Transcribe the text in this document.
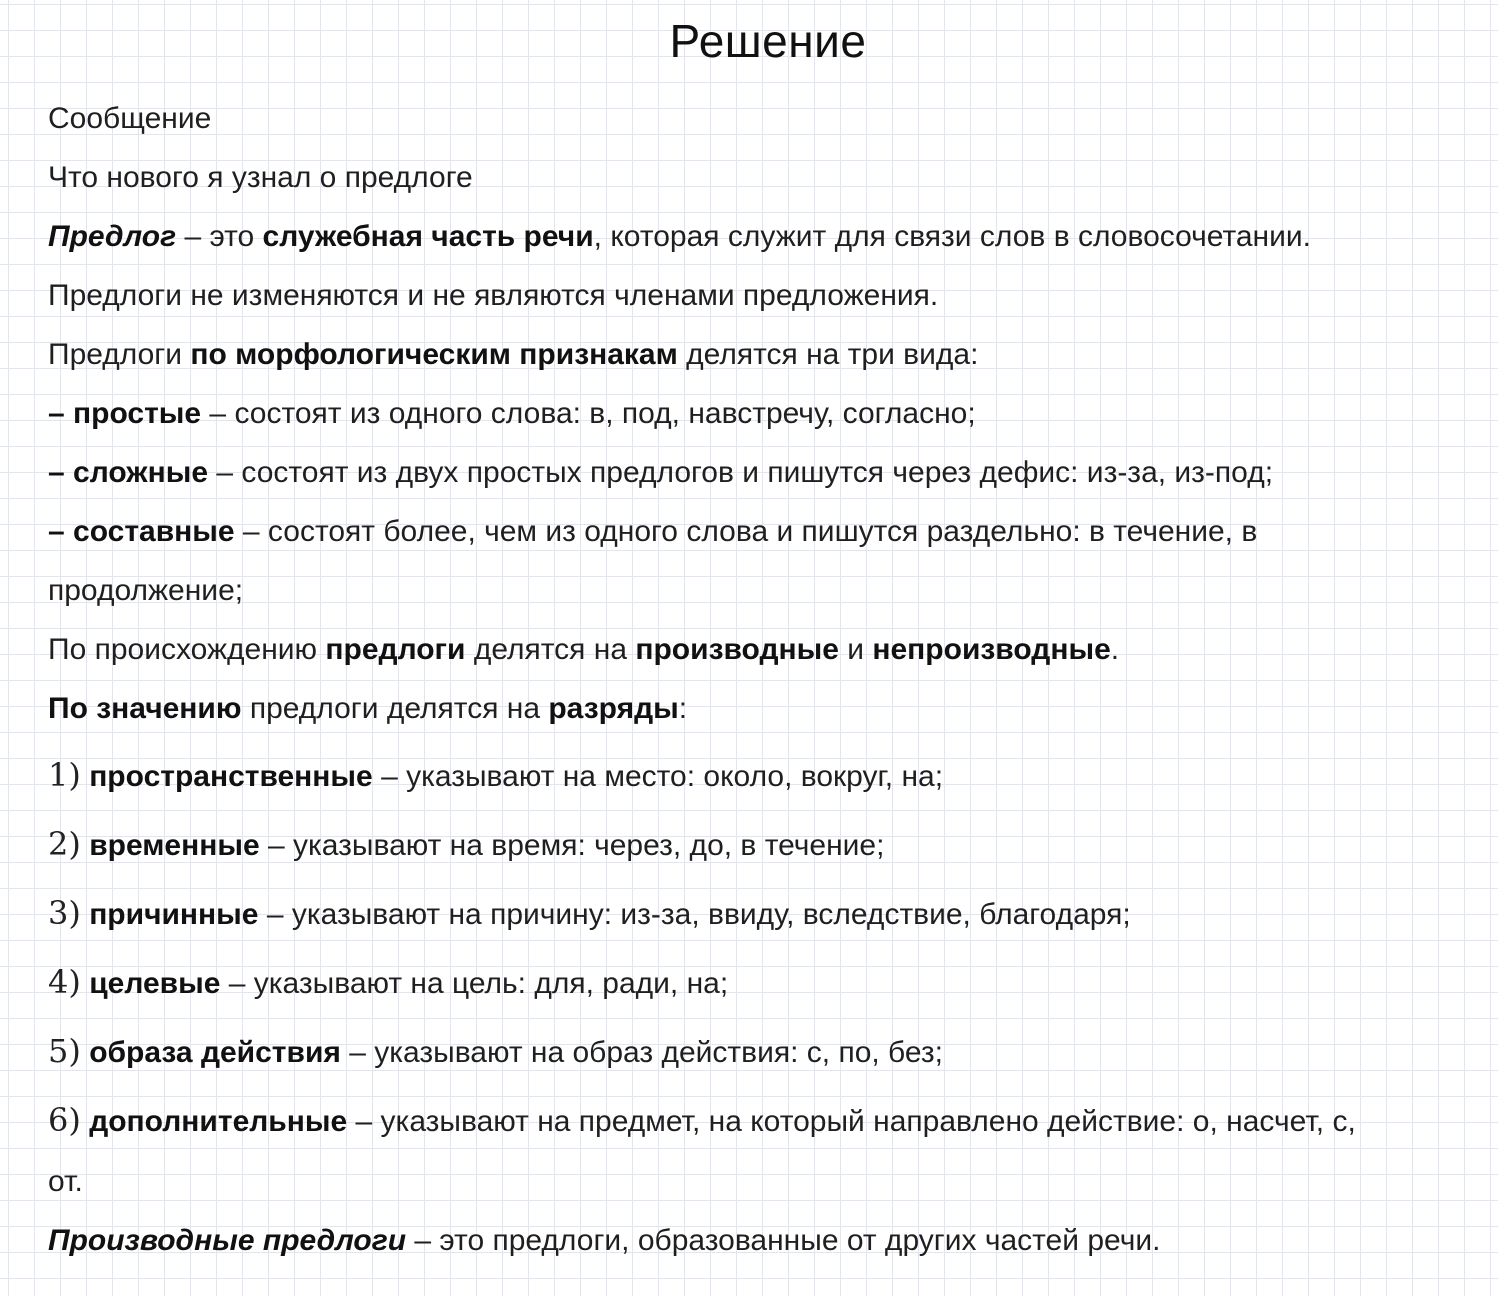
Решение
Сообщение
Что нового я узнал о предлоге
Предлог – это служебная часть речи, которая служит для связи слов в словосочетании.
Предлоги не изменяются и не являются членами предложения.
Предлоги по морфологическим признакам делятся на три вида:
– простые – состоят из одного слова: в, под, навстречу, согласно;
– сложные – состоят из двух простых предлогов и пишутся через дефис: из-за, из-под;
– составные – состоят более, чем из одного слова и пишутся раздельно: в течение, в
продолжение;
По происхождению предлоги делятся на производные и непроизводные.
По значению предлоги делятся на разряды:
1) пространственные – указывают на место: около, вокруг, на;
2) временные – указывают на время: через, до, в течение;
3) причинные – указывают на причину: из-за, ввиду, вследствие, благодаря;
4) целевые – указывают на цель: для, ради, на;
5) образа действия – указывают на образ действия: с, по, без;
6) дополнительные – указывают на предмет, на который направлено действие: о, насчет, с,
от.
Производные предлоги – это предлоги, образованные от других частей речи.
